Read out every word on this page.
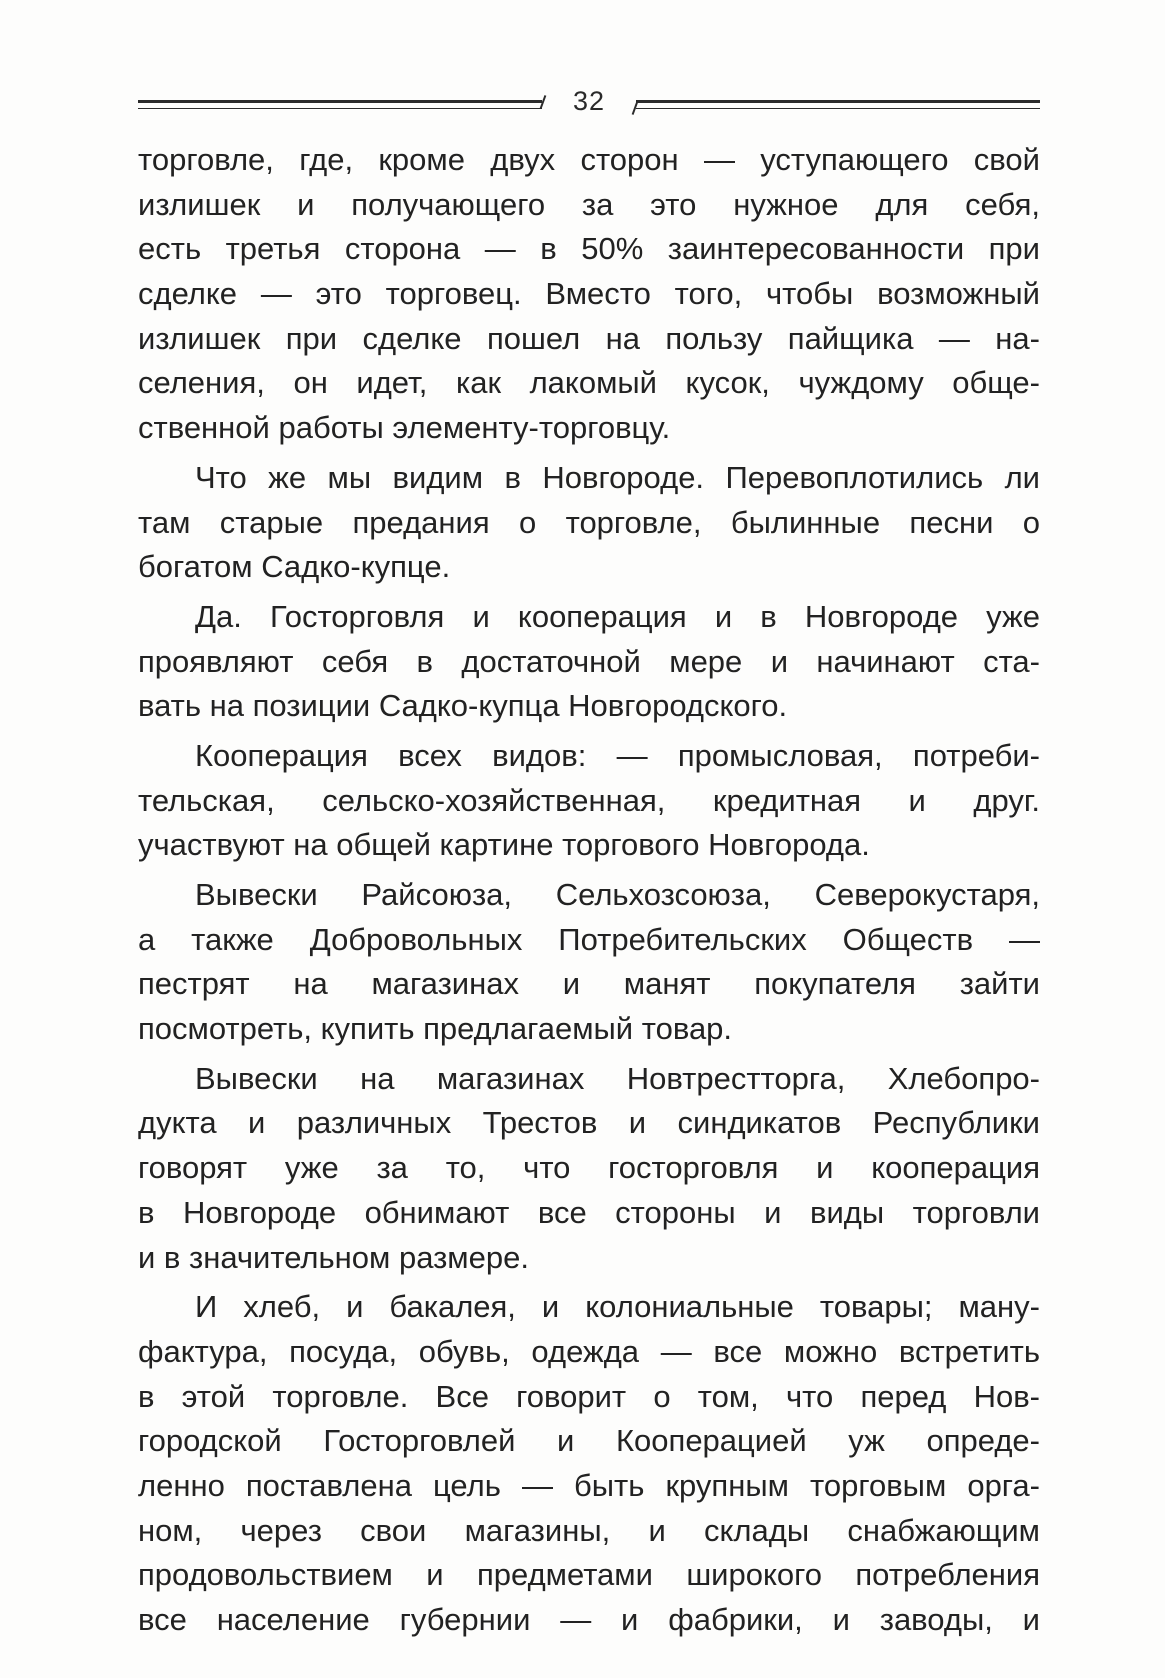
32
торговле, где, кроме двух сторон — уступающего свой
излишек и получающего за это нужное для себя,
есть третья сторона — в 50% заинтересованности при
сделке — это торговец. Вместо того, чтобы возможный
излишек при сделке пошел на пользу пайщика — на-
селения, он идет, как лакомый кусок, чуждому обще-
ственной работы элементу-торговцу.
Что же мы видим в Новгороде. Перевоплотились ли
там старые предания о торговле, былинные песни о
богатом Садко-купце.
Да. Госторговля и кооперация и в Новгороде уже
проявляют себя в достаточной мере и начинают ста-
вать на позиции Садко-купца Новгородского.
Кооперация всех видов: — промысловая, потреби-
тельская, сельско-хозяйственная, кредитная и друг.
участвуют на общей картине торгового Новгорода.
Вывески Райсоюза, Сельхозсоюза, Северокустаря,
а также Добровольных Потребительских Обществ —
пестрят на магазинах и манят покупателя зайти
посмотреть, купить предлагаемый товар.
Вывески на магазинах Новтрестторга, Хлебопро-
дукта и различных Трестов и синдикатов Республики
говорят уже за то, что госторговля и кооперация
в Новгороде обнимают все стороны и виды торговли
и в значительном размере.
И хлеб, и бакалея, и колониальные товары; ману-
фактура, посуда, обувь, одежда — все можно встретить
в этой торговле. Все говорит о том, что перед Нов-
городской Госторговлей и Кооперацией уж опреде-
ленно поставлена цель — быть крупным торговым орга-
ном, через свои магазины, и склады снабжающим
продовольствием и предметами широкого потребления
все население губернии — и фабрики, и заводы, и
